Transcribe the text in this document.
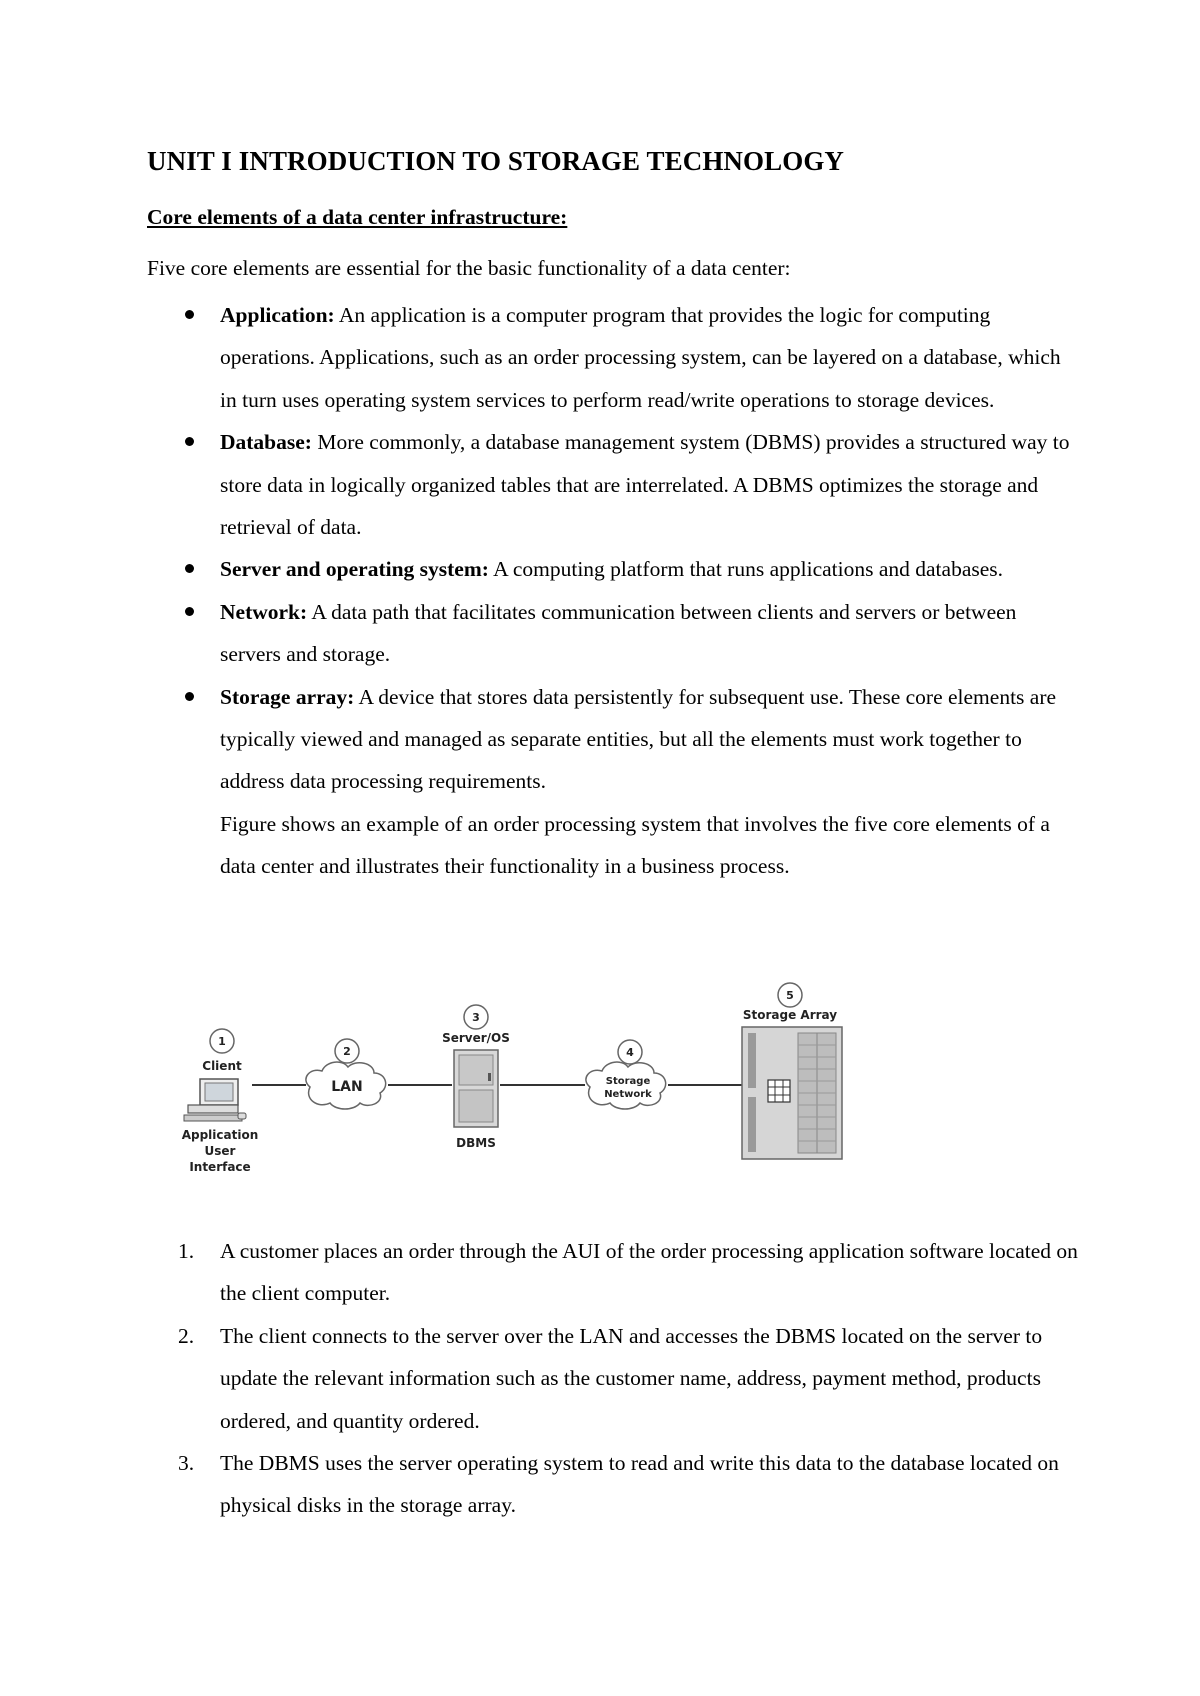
UNIT I INTRODUCTION TO STORAGE TECHNOLOGY
Core elements of a data center infrastructure:

Five core elements are essential for the basic functionality of a data center:

Application: An application is a computer program that provides the logic for computing operations. Applications, such as an order processing system, can be layered on a database, which in turn uses operating system services to perform read/write operations to storage devices.
Database: More commonly, a database management system (DBMS) provides a structured way to store data in logically organized tables that are interrelated. A DBMS optimizes the storage and retrieval of data.
Server and operating system: A computing platform that runs applications and databases.
Network: A data path that facilitates communication between clients and servers or between servers and storage.
Storage array: A device that stores data persistently for subsequent use. These core elements are typically viewed and managed as separate entities, but all the elements must work together to address data processing requirements.
Figure shows an example of an order processing system that involves the five core elements of a data center and illustrates their functionality in a business process.
1
Client
Application
User
Interface
2
LAN
3
Server/OS
DBMS
4
Storage
Network
5
Storage Array
1. A customer places an order through the AUI of the order processing application software located on the client computer.
2. The client connects to the server over the LAN and accesses the DBMS located on the server to update the relevant information such as the customer name, address, payment method, products ordered, and quantity ordered.
3. The DBMS uses the server operating system to read and write this data to the database located on physical disks in the storage array.
